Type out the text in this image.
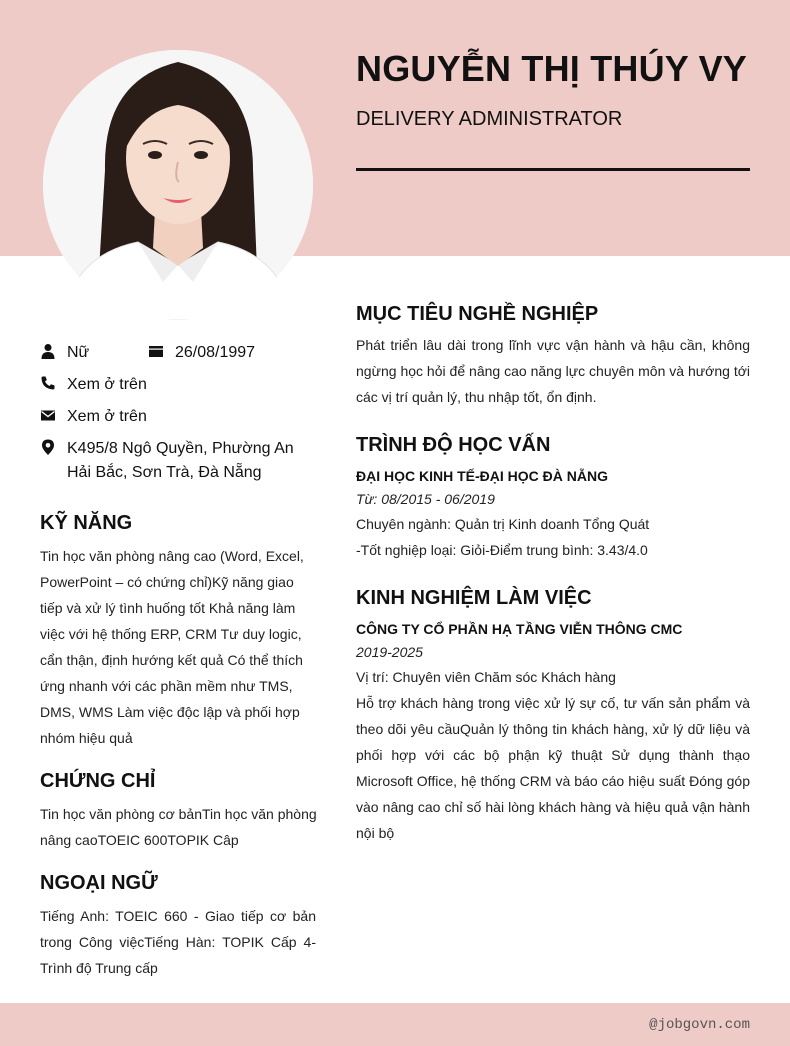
NGUYỄN THỊ THÚY VY
DELIVERY ADMINISTRATOR
Nữ	26/08/1997
Xem ở trên
Xem ở trên
K495/8 Ngô Quyền, Phường An
Hải Bắc, Sơn Trà, Đà Nẵng
KỸ NĂNG
Tin học văn phòng nâng cao (Word, Excel, PowerPoint – có chứng chỉ)Kỹ năng giao tiếp và xử lý tình huống tốt Khả năng làm việc với hệ thống ERP, CRM Tư duy logic, cẩn thận, định hướng kết quả Có thể thích ứng nhanh với các phần mềm như TMS, DMS, WMS Làm việc độc lập và phối hợp nhóm hiệu quả
CHỨNG CHỈ
Tin học văn phòng cơ bảnTin học văn phòng nâng caoTOEIC 600TOPIK Câp
NGOẠI NGỮ
Tiếng Anh: TOEIC 660 - Giao tiếp cơ bản trong Công việcTiếng Hàn: TOPIK Cấp 4- Trình độ Trung cấp
MỤC TIÊU NGHỀ NGHIỆP
Phát triển lâu dài trong lĩnh vực vận hành và hậu cần, không ngừng học hỏi để nâng cao năng lực chuyên môn và hướng tới các vị trí quản lý, thu nhập tốt, ổn định.
TRÌNH ĐỘ HỌC VẤN
ĐẠI HỌC KINH TẾ-ĐẠI HỌC ĐÀ NẴNG
Từ: 08/2015 - 06/2019
Chuyên ngành: Quản trị Kinh doanh Tổng Quát
-Tốt nghiệp loại: Giỏi-Điểm trung bình: 3.43/4.0
KINH NGHIỆM LÀM VIỆC
CÔNG TY CỔ PHẦN HẠ TẦNG VIỄN THÔNG CMC
2019-2025
Vị trí: Chuyên viên Chăm sóc Khách hàng
Hỗ trợ khách hàng trong việc xử lý sự cố, tư vấn sản phẩm và theo dõi yêu cầuQuản lý thông tin khách hàng, xử lý dữ liệu và phối hợp với các bộ phận kỹ thuật Sử dụng thành thạo Microsoft Office, hệ thống CRM và báo cáo hiệu suất Đóng góp vào nâng cao chỉ số hài lòng khách hàng và hiệu quả vận hành nội bộ
@jobgovn.com
